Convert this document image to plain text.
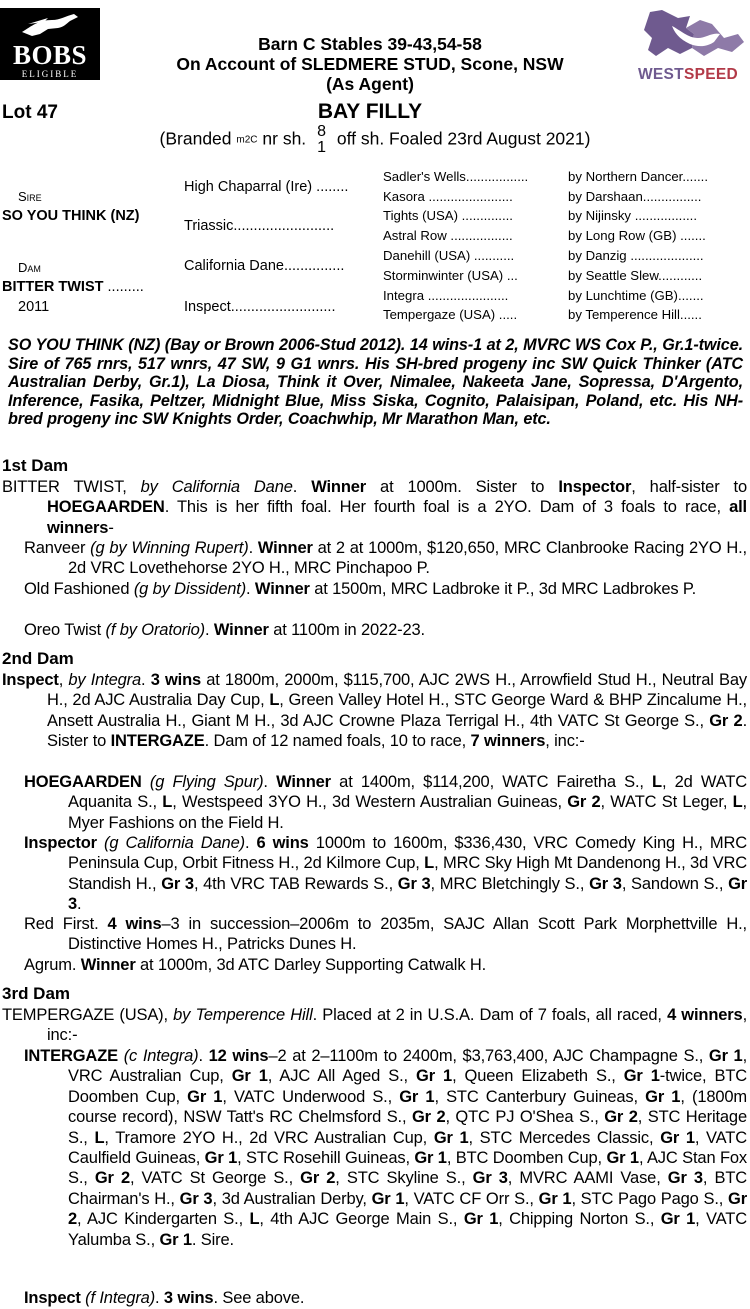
BOBS
ELIGIBLE
Barn C Stables 39-43,54-58
On Account of SLEDMERE STUD, Scone, NSW
(As Agent)	WESTSPEED
Lot 47	BAY FILLY
(Branded m2C nr sh. 8
1 off sh. Foaled 23rd August 2021)
Sire
SO YOU THINK (NZ)
Dam
BITTER TWIST .........
2011
High Chaparral (Ire) ........
Triassic.........................
California Dane...............
Inspect..........................
Sadler's Wells.................
Kasora .......................
Tights (USA) ..............
Astral Row .................
Danehill (USA) ...........
Storminwinter (USA) ...
Integra ......................
Tempergaze (USA) .....
by Northern Dancer.......
by Darshaan................
by Nijinsky .................
by Long Row (GB) .......
by Danzig ....................
by Seattle Slew............
by Lunchtime (GB).......
by Temperence Hill......
SO YOU THINK (NZ) (Bay or Brown 2006-Stud 2012). 14 wins-1 at 2, MVRC WS Cox P., Gr.1-twice. Sire of 765 rnrs, 517 wnrs, 47 SW, 9 G1 wnrs. His SH-bred progeny inc SW Quick Thinker (ATC Australian Derby, Gr.1), La Diosa, Think it Over, Nimalee, Nakeeta Jane, Sopressa, D'Argento, Inference, Fasika, Peltzer, Midnight Blue, Miss Siska, Cognito, Palaisipan, Poland, etc. His NH-bred progeny inc SW Knights Order, Coachwhip, Mr Marathon Man, etc.
1st Dam
BITTER TWIST, by California Dane. Winner at 1000m. Sister to Inspector, half-sister to HOEGAARDEN. This is her fifth foal. Her fourth foal is a 2YO. Dam of 3 foals to race, all winners-
Ranveer (g by Winning Rupert). Winner at 2 at 1000m, $120,650, MRC Clanbrooke Racing 2YO H., 2d VRC Lovethehorse 2YO H., MRC Pinchapoo P.
Old Fashioned (g by Dissident). Winner at 1500m, MRC Ladbroke it P., 3d MRC Ladbrokes P.
Oreo Twist (f by Oratorio). Winner at 1100m in 2022-23.
2nd Dam
Inspect, by Integra. 3 wins at 1800m, 2000m, $115,700, AJC 2WS H., Arrowfield Stud H., Neutral Bay H., 2d AJC Australia Day Cup, L, Green Valley Hotel H., STC George Ward & BHP Zincalume H., Ansett Australia H., Giant M H., 3d AJC Crowne Plaza Terrigal H., 4th VATC St George S., Gr 2. Sister to INTERGAZE. Dam of 12 named foals, 10 to race, 7 winners, inc:-
HOEGAARDEN (g Flying Spur). Winner at 1400m, $114,200, WATC Fairetha S., L, 2d WATC Aquanita S., L, Westspeed 3YO H., 3d Western Australian Guineas, Gr 2, WATC St Leger, L, Myer Fashions on the Field H.
Inspector (g California Dane). 6 wins 1000m to 1600m, $336,430, VRC Comedy King H., MRC Peninsula Cup, Orbit Fitness H., 2d Kilmore Cup, L, MRC Sky High Mt Dandenong H., 3d VRC Standish H., Gr 3, 4th VRC TAB Rewards S., Gr 3, MRC Bletchingly S., Gr 3, Sandown S., Gr 3.
Red First. 4 wins–3 in succession–2006m to 2035m, SAJC Allan Scott Park Morphettville H., Distinctive Homes H., Patricks Dunes H.
Agrum. Winner at 1000m, 3d ATC Darley Supporting Catwalk H.
3rd Dam
TEMPERGAZE (USA), by Temperence Hill. Placed at 2 in U.S.A. Dam of 7 foals, all raced, 4 winners, inc:-
INTERGAZE (c Integra). 12 wins–2 at 2–1100m to 2400m, $3,763,400, AJC Champagne S., Gr 1, VRC Australian Cup, Gr 1, AJC All Aged S., Gr 1, Queen Elizabeth S., Gr 1-twice, BTC Doomben Cup, Gr 1, VATC Underwood S., Gr 1, STC Canterbury Guineas, Gr 1, (1800m course record), NSW Tatt's RC Chelmsford S., Gr 2, QTC PJ O'Shea S., Gr 2, STC Heritage S., L, Tramore 2YO H., 2d VRC Australian Cup, Gr 1, STC Mercedes Classic, Gr 1, VATC Caulfield Guineas, Gr 1, STC Rosehill Guineas, Gr 1, BTC Doomben Cup, Gr 1, AJC Stan Fox S., Gr 2, VATC St George S., Gr 2, STC Skyline S., Gr 3, MVRC AAMI Vase, Gr 3, BTC Chairman's H., Gr 3, 3d Australian Derby, Gr 1, VATC CF Orr S., Gr 1, STC Pago Pago S., Gr 2, AJC Kindergarten S., L, 4th AJC George Main S., Gr 1, Chipping Norton S., Gr 1, VATC Yalumba S., Gr 1. Sire.
Inspect (f Integra). 3 wins. See above.
